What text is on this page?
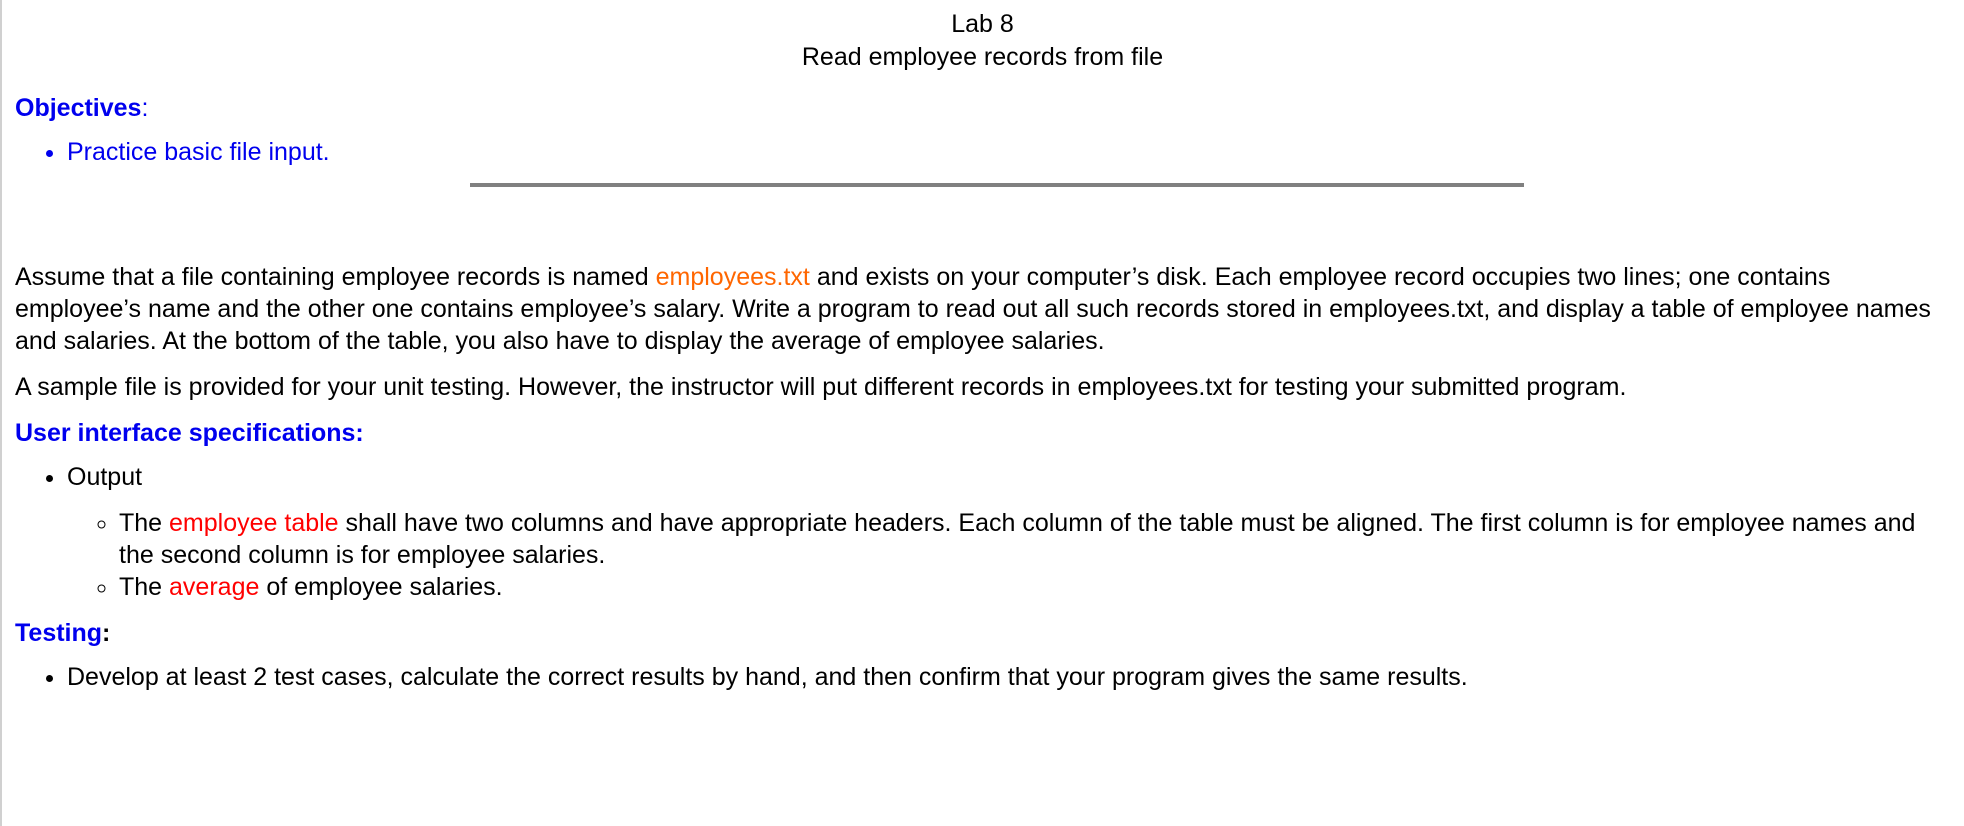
Lab 8
Read employee records from file
Objectives:
• Practice basic file input.

Assume that a file containing employee records is named employees.txt and exists on your computer’s disk. Each employee record occupies two lines; one contains employee’s name and the other one contains employee’s salary. Write a program to read out all such records stored in employees.txt, and display a table of employee names and salaries. At the bottom of the table, you also have to display the average of employee salaries.

A sample file is provided for your unit testing. However, the instructor will put different records in employees.txt for testing your submitted program.

User interface specifications:
• Output
◦ The employee table shall have two columns and have appropriate headers. Each column of the table must be aligned. The first column is for employee names and the second column is for employee salaries.
◦ The average of employee salaries.
Testing:
• Develop at least 2 test cases, calculate the correct results by hand, and then confirm that your program gives the same results.
